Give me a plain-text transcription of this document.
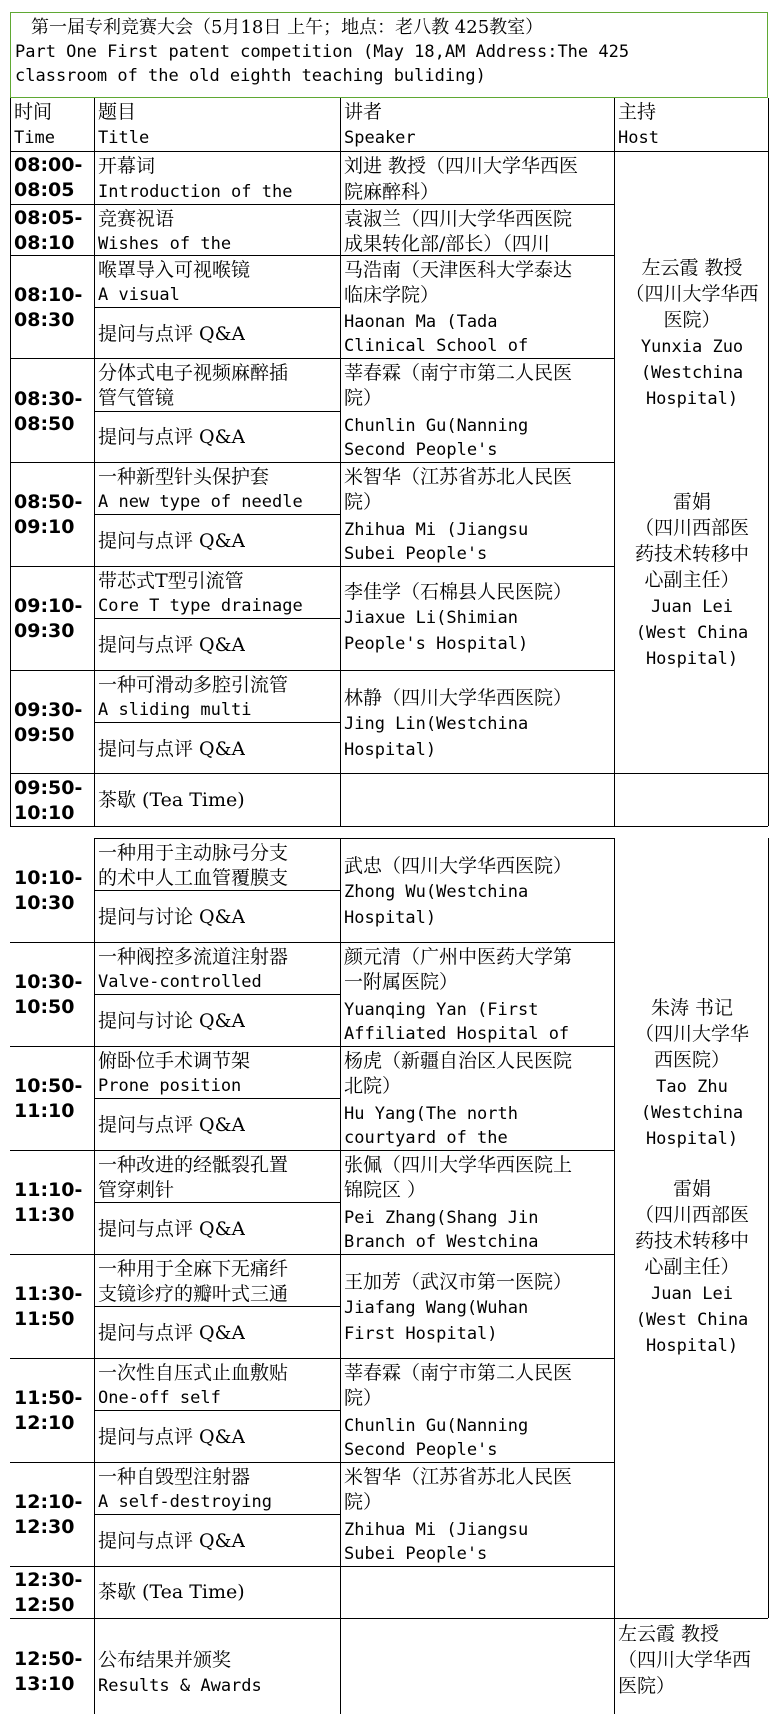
第一届专利竞赛大会（5月18日 上午；地点：老八教 425教室）
Part One First patent competition (May 18,AM Address:The 425
classroom of the old eighth teaching buliding)
时间
Time
题目
Title
讲者
Speaker
主持
Host
08:00-
08:05
开幕词
Introduction of the
刘进 教授（四川大学华西医
院麻醉科）
08:05-
08:10
竞赛祝语
Wishes of the
袁淑兰（四川大学华西医院
成果转化部/部长）（四川
08:10-
08:30
喉罩导入可视喉镜
A visual
提问与点评 Q&A
马浩南（天津医科大学泰达
临床学院）
Haonan Ma (Tada
Clinical School of
08:30-
08:50
分体式电子视频麻醉插
管气管镜
提问与点评 Q&A
莘春霖（南宁市第二人民医
院）
Chunlin Gu(Nanning
Second People's
08:50-
09:10
一种新型针头保护套
A new type of needle
提问与点评 Q&A
米智华（江苏省苏北人民医
院）
Zhihua Mi (Jiangsu
Subei People's
09:10-
09:30
带芯式T型引流管
Core T type drainage
提问与点评 Q&A
李佳学（石棉县人民医院）
Jiaxue Li(Shimian
People's Hospital)
09:30-
09:50
一种可滑动多腔引流管
A sliding multi
提问与点评 Q&A
林静（四川大学华西医院）
Jing Lin(Westchina
Hospital)
09:50-
10:10
茶歇 (Tea Time)
左云霞 教授
（四川大学华西
医院）
Yunxia Zuo
(Westchina
Hospital)
雷娟
（四川西部医
药技术转移中
心副主任）
Juan Lei
(West China
Hospital)
10:10-
10:30
一种用于主动脉弓分支
的术中人工血管覆膜支
提问与讨论 Q&A
武忠（四川大学华西医院）
Zhong Wu(Westchina
Hospital)
10:30-
10:50
一种阀控多流道注射器
Valve-controlled
提问与讨论 Q&A
颜元清（广州中医药大学第
一附属医院）
Yuanqing Yan (First
Affiliated Hospital of
10:50-
11:10
俯卧位手术调节架
Prone position
提问与点评 Q&A
杨虎（新疆自治区人民医院
北院）
Hu Yang(The north
courtyard of the
11:10-
11:30
一种改进的经骶裂孔置
管穿刺针
提问与点评 Q&A
张佩（四川大学华西医院上
锦院区 ）
Pei Zhang(Shang Jin
Branch of Westchina
11:30-
11:50
一种用于全麻下无痛纤
支镜诊疗的瓣叶式三通
提问与点评 Q&A
王加芳（武汉市第一医院）
Jiafang Wang(Wuhan
First Hospital)
11:50-
12:10
一次性自压式止血敷贴
One-off self
提问与点评 Q&A
莘春霖（南宁市第二人民医
院）
Chunlin Gu(Nanning
Second People's
12:10-
12:30
一种自毁型注射器
A self-destroying
提问与点评 Q&A
米智华（江苏省苏北人民医
院）
Zhihua Mi (Jiangsu
Subei People's
12:30-
12:50
茶歇 (Tea Time)
12:50-
13:10
公布结果并颁奖
Results & Awards
朱涛 书记
（四川大学华
西医院）
Tao Zhu
(Westchina
Hospital)
雷娟
（四川西部医
药技术转移中
心副主任）
Juan Lei
(West China
Hospital)
左云霞 教授
（四川大学华西
医院）
